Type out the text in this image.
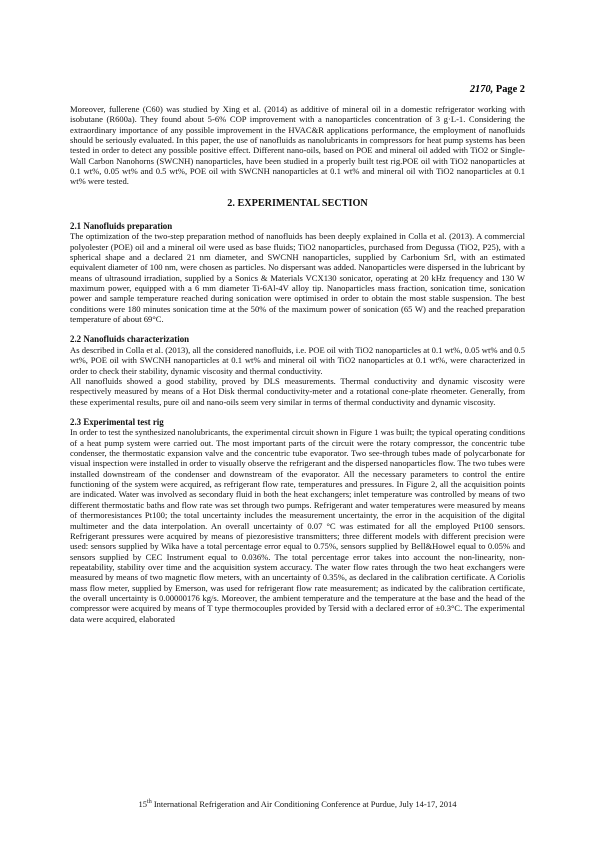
2170, Page 2

Moreover, fullerene (C60) was studied by Xing et al. (2014) as additive of mineral oil in a domestic refrigerator working with isobutane (R600a). They found about 5-6% COP improvement with a nanoparticles concentration of 3 g·L-1. Considering the extraordinary importance of any possible improvement in the HVAC&R applications performance, the employment of nanofluids should be seriously evaluated. In this paper, the use of nanofluids as nanolubricants in compressors for heat pump systems has been tested in order to detect any possible positive effect. Different nano-oils, based on POE and mineral oil added with TiO2 or Single-Wall Carbon Nanohorns (SWCNH) nanoparticles, have been studied in a properly built test rig.POE oil with TiO2 nanoparticles at 0.1 wt%, 0.05 wt% and 0.5 wt%, POE oil with SWCNH nanoparticles at 0.1 wt% and mineral oil with TiO2 nanoparticles at 0.1 wt% were tested.

2. EXPERIMENTAL SECTION
2.1 Nanofluids preparation

The optimization of the two-step preparation method of nanofluids has been deeply explained in Colla et al. (2013). A commercial polyolester (POE) oil and a mineral oil were used as base fluids; TiO2 nanoparticles, purchased from Degussa (TiO2, P25), with a spherical shape and a declared 21 nm diameter, and SWCNH nanoparticles, supplied by Carbonium Srl, with an estimated equivalent diameter of 100 nm, were chosen as particles. No dispersant was added. Nanoparticles were dispersed in the lubricant by means of ultrasound irradiation, supplied by a Sonics & Materials VCX130 sonicator, operating at 20 kHz frequency and 130 W maximum power, equipped with a 6 mm diameter Ti-6Al-4V alloy tip. Nanoparticles mass fraction, sonication time, sonication power and sample temperature reached during sonication were optimised in order to obtain the most stable suspension. The best conditions were 180 minutes sonication time at the 50% of the maximum power of sonication (65 W) and the reached preparation temperature of about 69°C.

2.2 Nanofluids characterization

As described in Colla et al. (2013), all the considered nanofluids, i.e. POE oil with TiO2 nanoparticles at 0.1 wt%, 0.05 wt% and 0.5 wt%, POE oil with SWCNH nanoparticles at 0.1 wt% and mineral oil with TiO2 nanoparticles at 0.1 wt%, were characterized in order to check their stability, dynamic viscosity and thermal conductivity.

All nanofluids showed a good stability, proved by DLS measurements. Thermal conductivity and dynamic viscosity were respectively measured by means of a Hot Disk thermal conductivity-meter and a rotational cone-plate rheometer. Generally, from these experimental results, pure oil and nano-oils seem very similar in terms of thermal conductivity and dynamic viscosity.

2.3 Experimental test rig

In order to test the synthesized nanolubricants, the experimental circuit shown in Figure 1 was built; the typical operating conditions of a heat pump system were carried out. The most important parts of the circuit were the rotary compressor, the concentric tube condenser, the thermostatic expansion valve and the concentric tube evaporator. Two see-through tubes made of polycarbonate for visual inspection were installed in order to visually observe the refrigerant and the dispersed nanoparticles flow. The two tubes were installed downstream of the condenser and downstream of the evaporator. All the necessary parameters to control the entire functioning of the system were acquired, as refrigerant flow rate, temperatures and pressures. In Figure 2, all the acquisition points are indicated. Water was involved as secondary fluid in both the heat exchangers; inlet temperature was controlled by means of two different thermostatic baths and flow rate was set through two pumps. Refrigerant and water temperatures were measured by means of thermoresistances Pt100; the total uncertainty includes the measurement uncertainty, the error in the acquisition of the digital multimeter and the data interpolation. An overall uncertainty of 0.07 °C was estimated for all the employed Pt100 sensors. Refrigerant pressures were acquired by means of piezoresistive transmitters; three different models with different precision were used: sensors supplied by Wika have a total percentage error equal to 0.75%, sensors supplied by Bell&Howel equal to 0.05% and sensors supplied by CEC Instrument equal to 0.036%. The total percentage error takes into account the non-linearity, non-repeatability, stability over time and the acquisition system accuracy. The water flow rates through the two heat exchangers were measured by means of two magnetic flow meters, with an uncertainty of 0.35%, as declared in the calibration certificate. A Coriolis mass flow meter, supplied by Emerson, was used for refrigerant flow rate measurement; as indicated by the calibration certificate, the overall uncertainty is 0.00000176 kg/s. Moreover, the ambient temperature and the temperature at the base and the head of the compressor were acquired by means of T type thermocouples provided by Tersid with a declared error of ±0.3°C. The experimental data were acquired, elaborated

15th International Refrigeration and Air Conditioning Conference at Purdue, July 14-17, 2014
